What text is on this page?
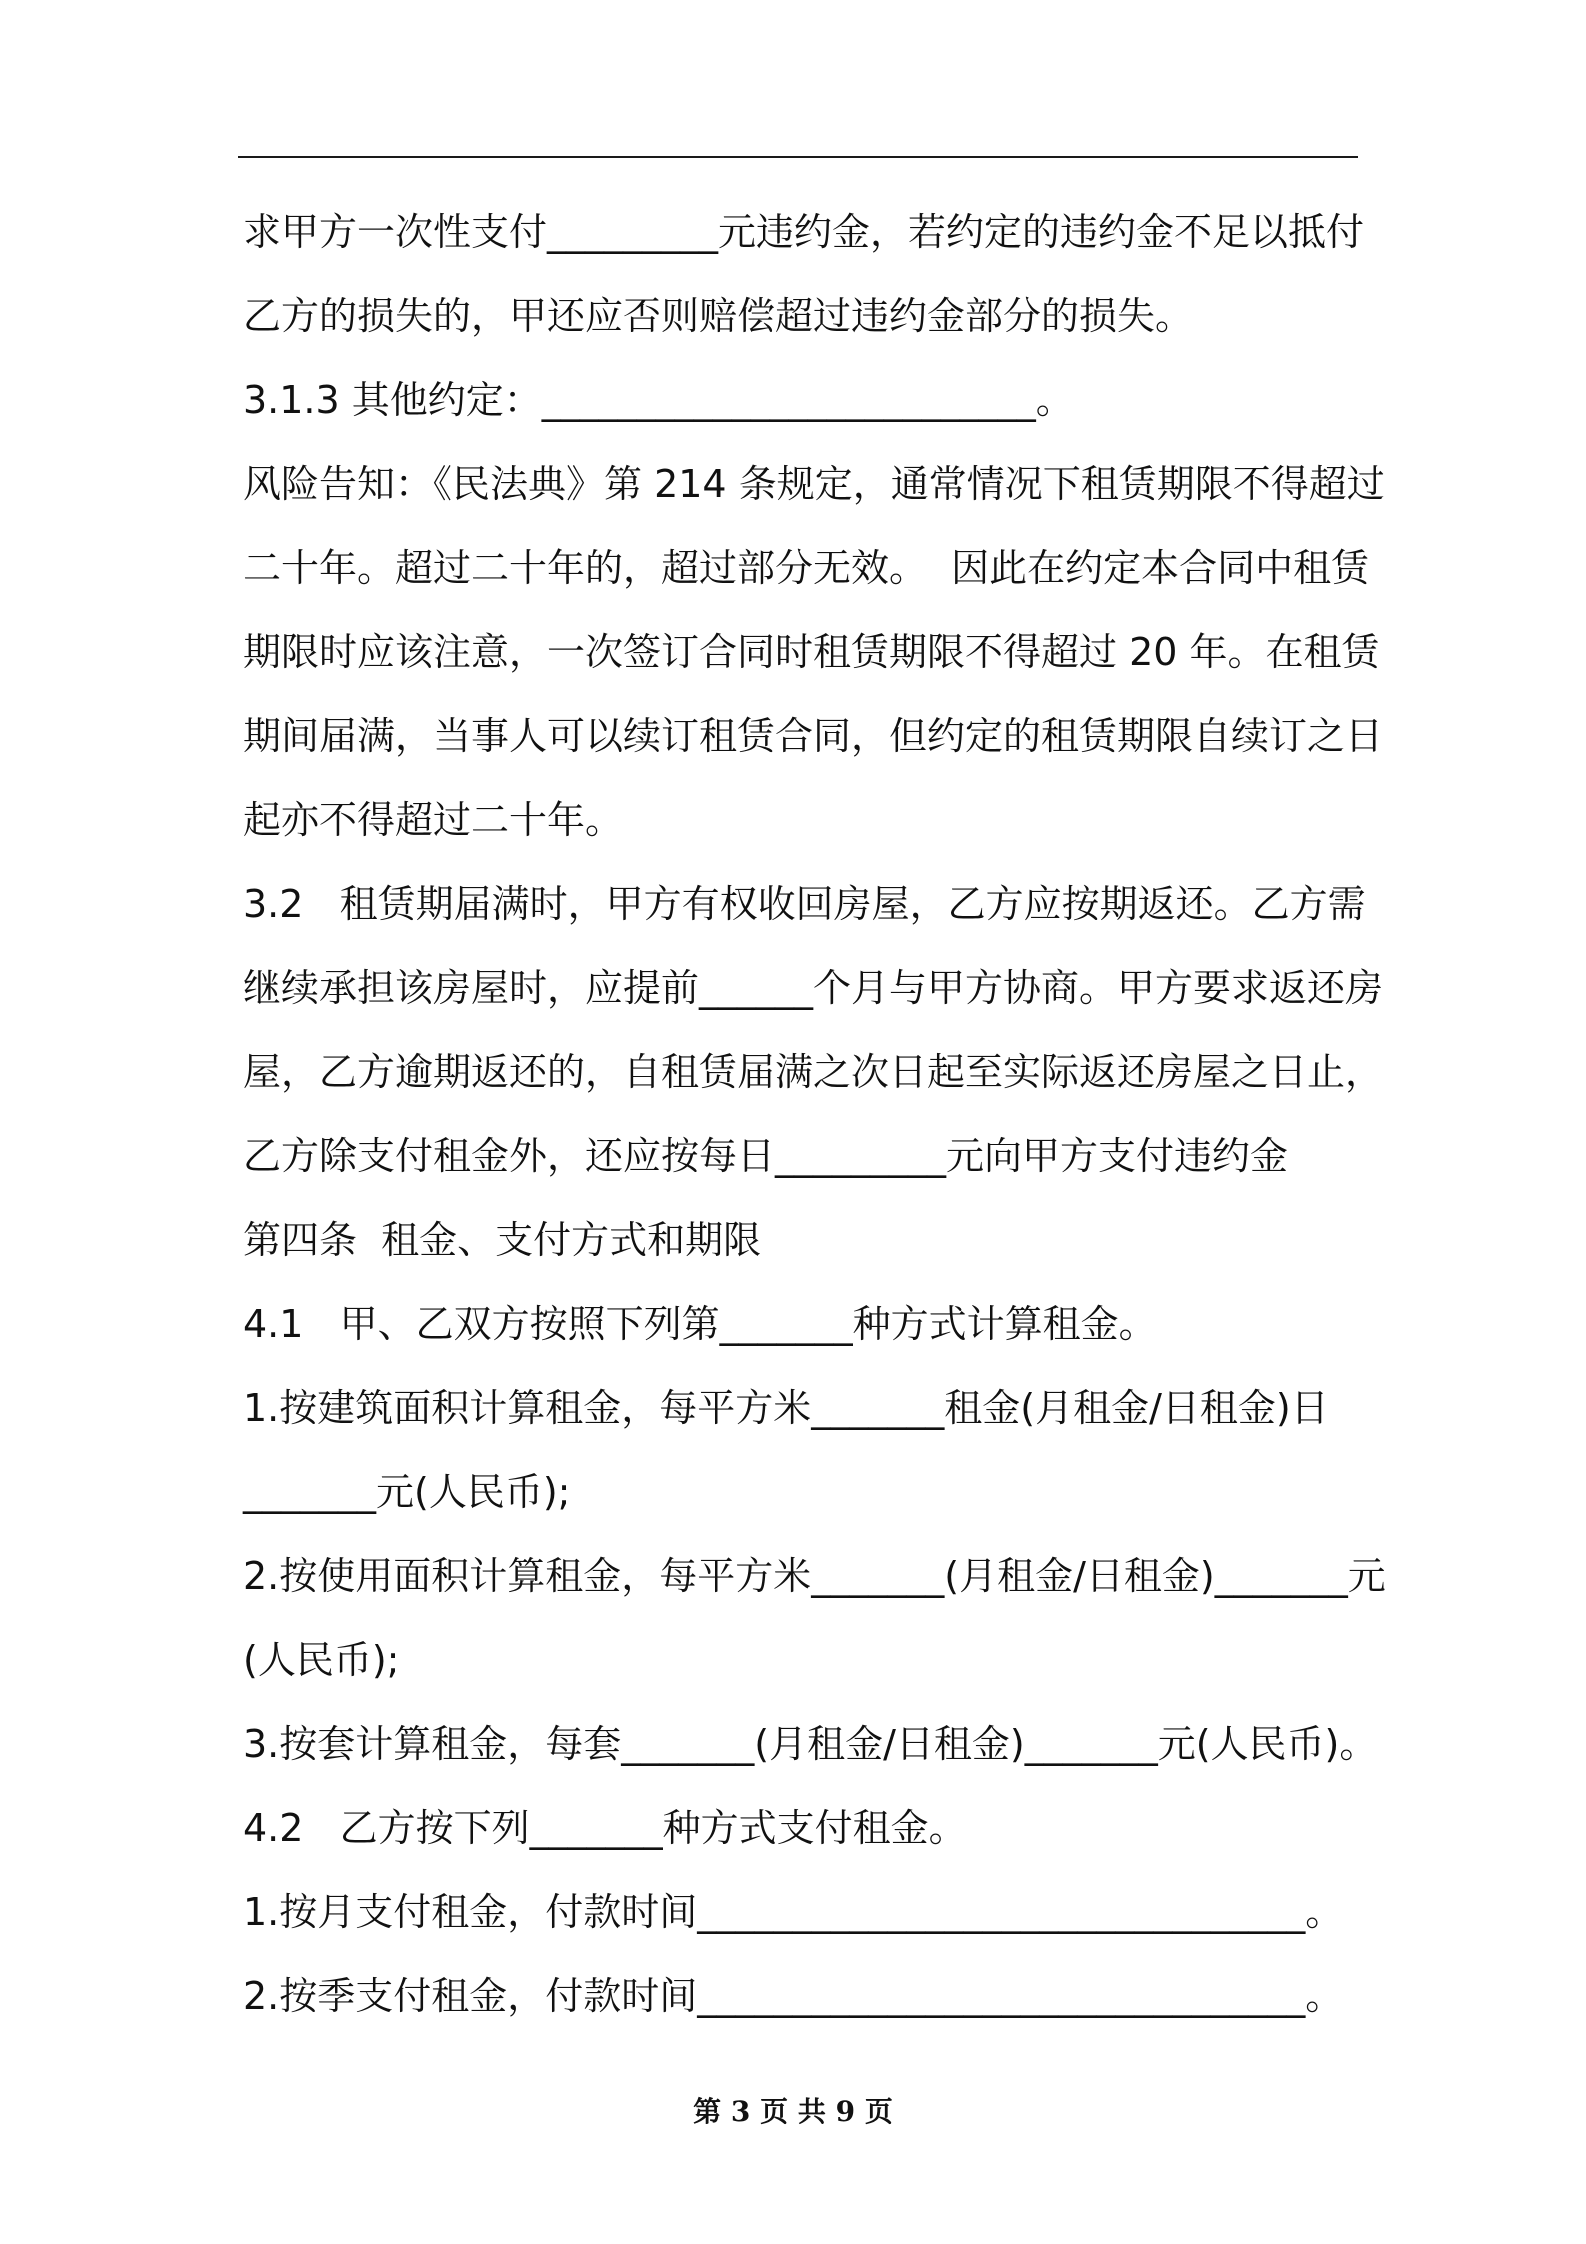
求甲方一次性支付_________元违约金，若约定的违约金不足以抵付
乙方的损失的，甲还应否则赔偿超过违约金部分的损失。
3.1.3 其他约定：__________________________。
风险告知：《民法典》第 214 条规定，通常情况下租赁期限不得超过
二十年。超过二十年的，超过部分无效。  因此在约定本合同中租赁
期限时应该注意，一次签订合同时租赁期限不得超过 20 年。在租赁
期间届满，当事人可以续订租赁合同，但约定的租赁期限自续订之日
起亦不得超过二十年。
3.2   租赁期届满时，甲方有权收回房屋，乙方应按期返还。乙方需
继续承担该房屋时，应提前______个月与甲方协商。甲方要求返还房
屋，乙方逾期返还的，自租赁届满之次日起至实际返还房屋之日止，
乙方除支付租金外，还应按每日_________元向甲方支付违约金
第四条  租金、支付方式和期限
4.1   甲、乙双方按照下列第_______种方式计算租金。
1.按建筑面积计算租金，每平方米_______租金(月租金/日租金)日
_______元(人民币);
2.按使用面积计算租金，每平方米_______(月租金/日租金)_______元
(人民币);
3.按套计算租金，每套_______(月租金/日租金)_______元(人民币)。
4.2   乙方按下列_______种方式支付租金。
1.按月支付租金，付款时间________________________________。
2.按季支付租金，付款时间________________________________。
第 3 页 共 9 页
